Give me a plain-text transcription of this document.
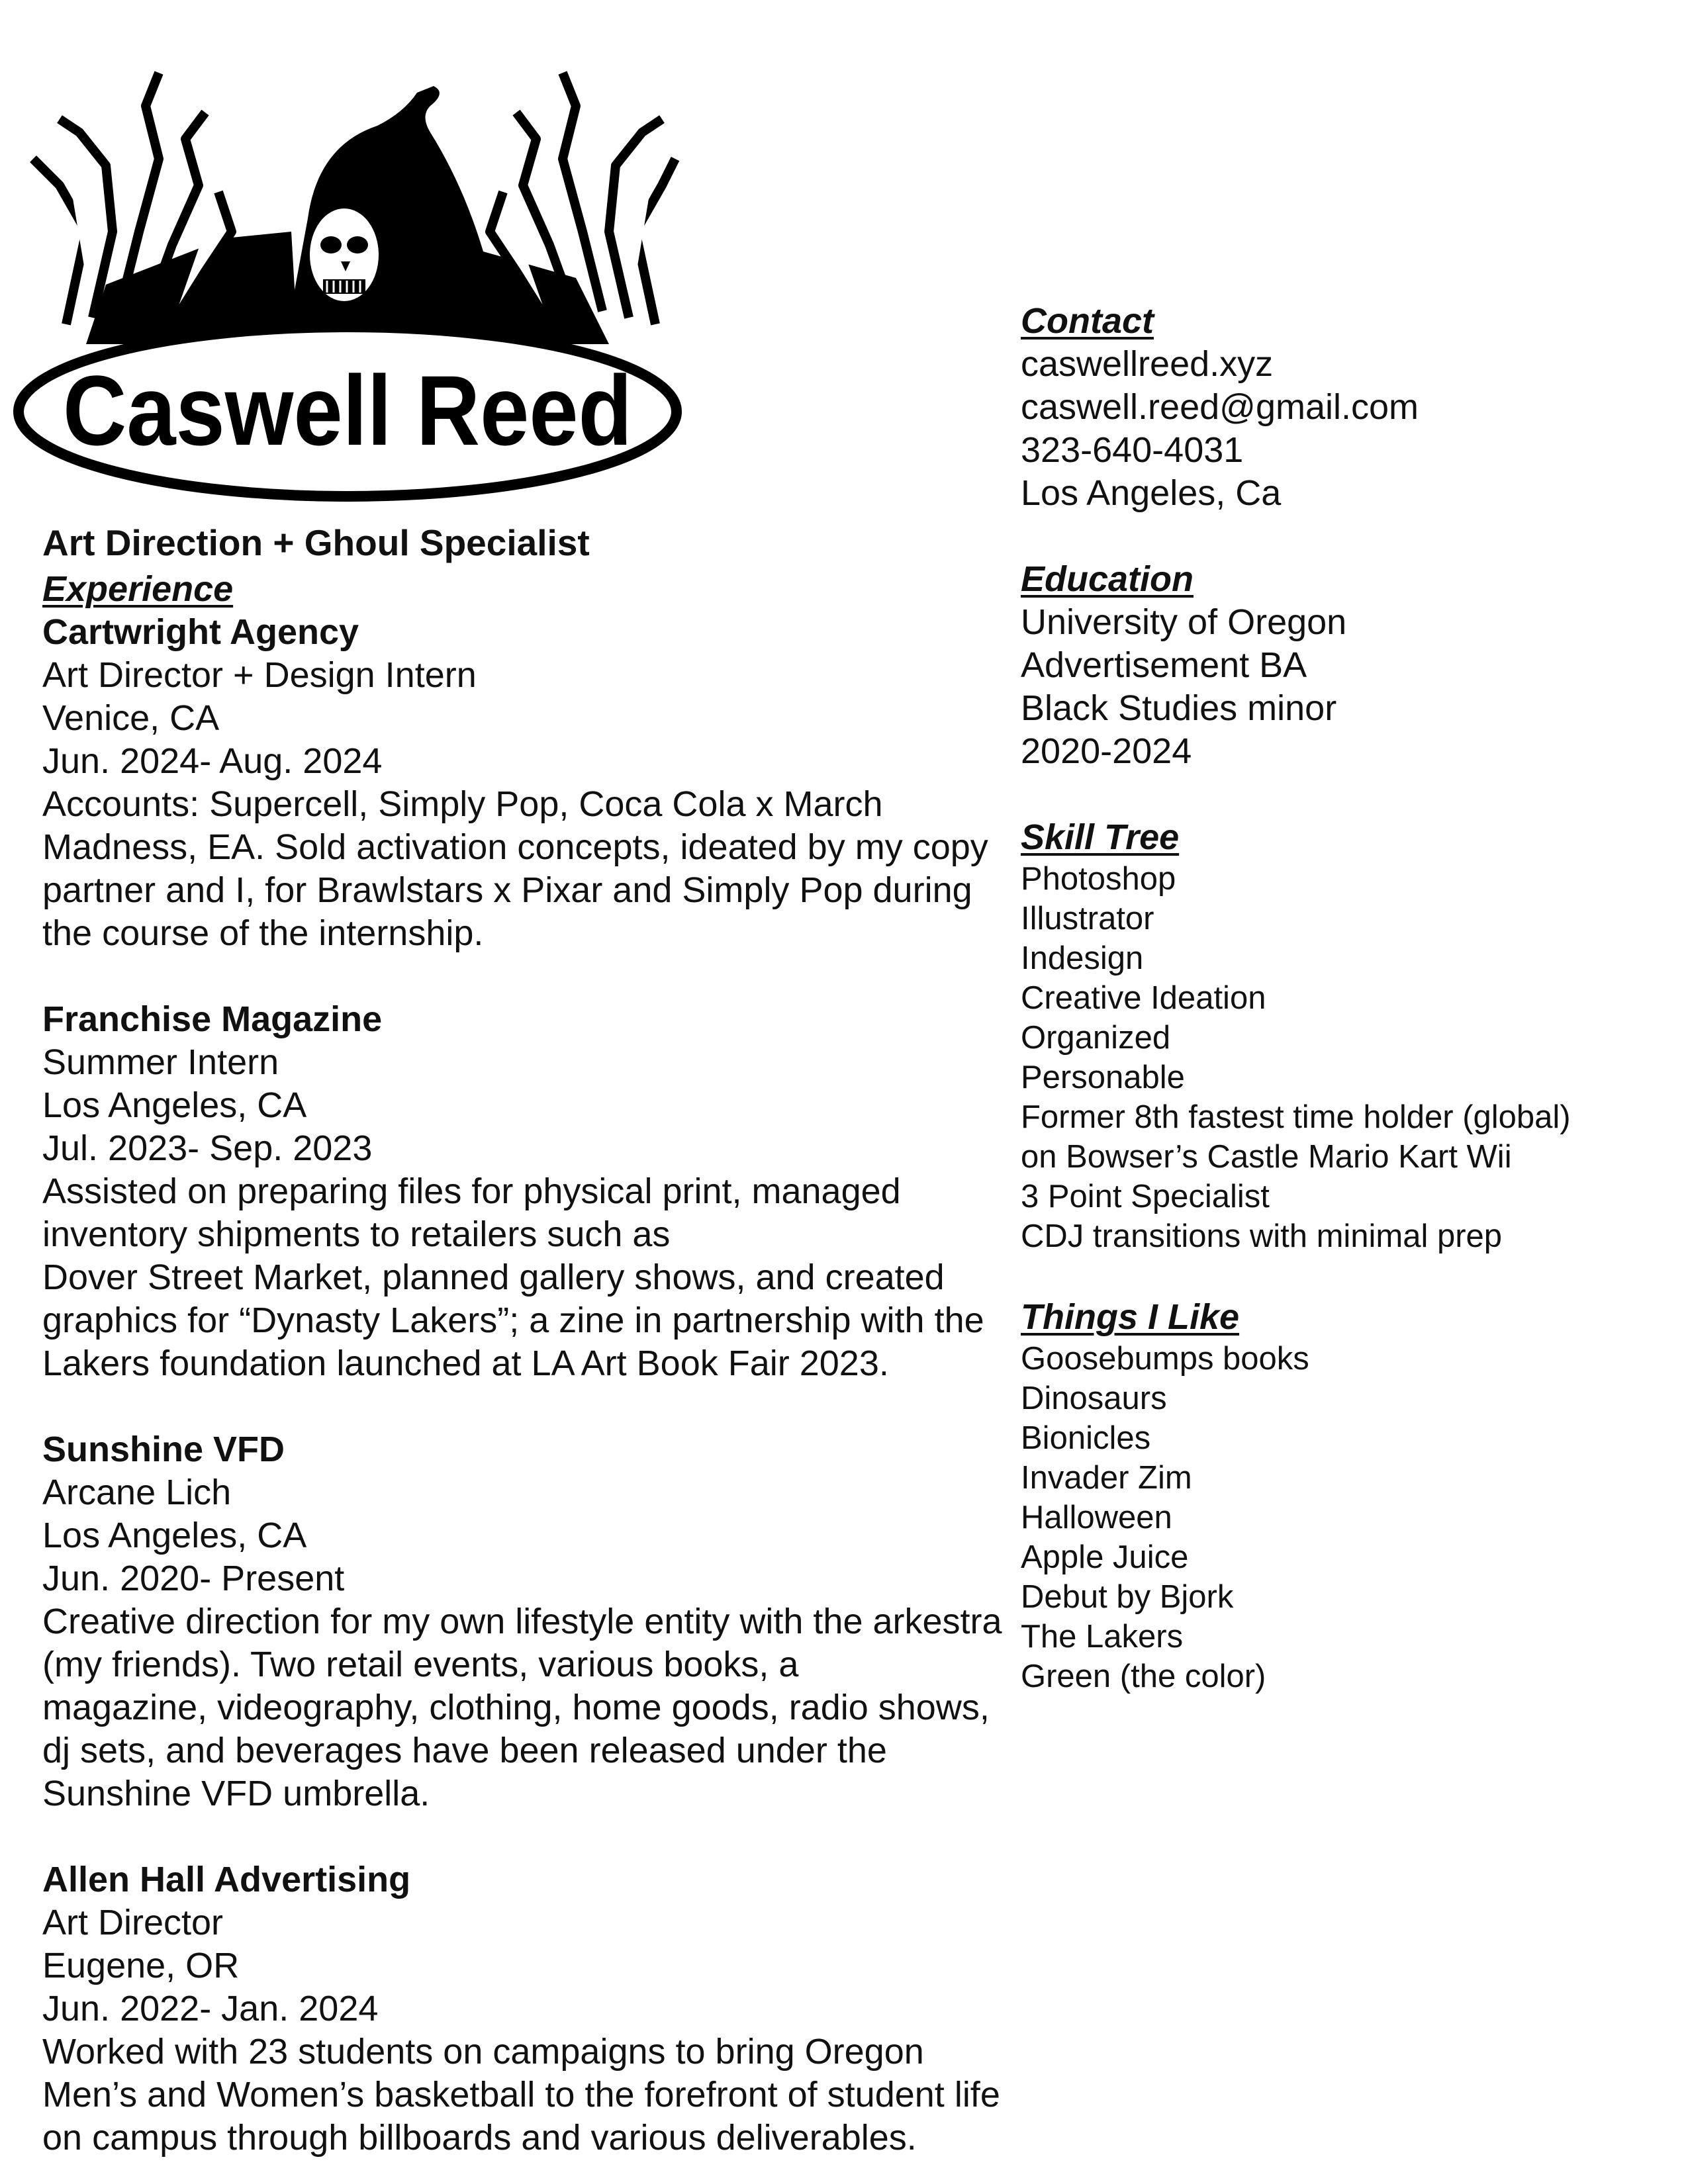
Caswell Reed
Art Direction + Ghoul Specialist
Experience
Cartwright Agency
Art Director + Design Intern
Venice, CA
Jun. 2024- Aug. 2024
Accounts: Supercell, Simply Pop, Coca Cola x March
Madness, EA. Sold activation concepts, ideated by my copy
partner and I, for Brawlstars x Pixar and Simply Pop during
the course of the internship.
Franchise Magazine
Summer Intern
Los Angeles, CA
Jul. 2023- Sep. 2023
Assisted on preparing files for physical print, managed
inventory shipments to retailers such as
Dover Street Market, planned gallery shows, and created
graphics for “Dynasty Lakers”; a zine in partnership with the
Lakers foundation launched at LA Art Book Fair 2023.
Sunshine VFD
Arcane Lich
Los Angeles, CA
Jun. 2020- Present
Creative direction for my own lifestyle entity with the arkestra
(my friends). Two retail events, various books, a
magazine, videography, clothing, home goods, radio shows,
dj sets, and beverages have been released under the
Sunshine VFD umbrella.
Allen Hall Advertising
Art Director
Eugene, OR
Jun. 2022- Jan. 2024
Worked with 23 students on campaigns to bring Oregon
Men’s and Women’s basketball to the forefront of student life
on campus through billboards and various deliverables.
Contact
caswellreed.xyz
caswell.reed@gmail.com
323-640-4031
Los Angeles, Ca
Education
University of Oregon
Advertisement BA
Black Studies minor
2020-2024
Skill Tree
Photoshop
Illustrator
Indesign
Creative Ideation
Organized
Personable
Former 8th fastest time holder (global)
on Bowser’s Castle Mario Kart Wii
3 Point Specialist
CDJ transitions with minimal prep
Things I Like
Goosebumps books
Dinosaurs
Bionicles
Invader Zim
Halloween
Apple Juice
Debut by Bjork
The Lakers
Green (the color)
